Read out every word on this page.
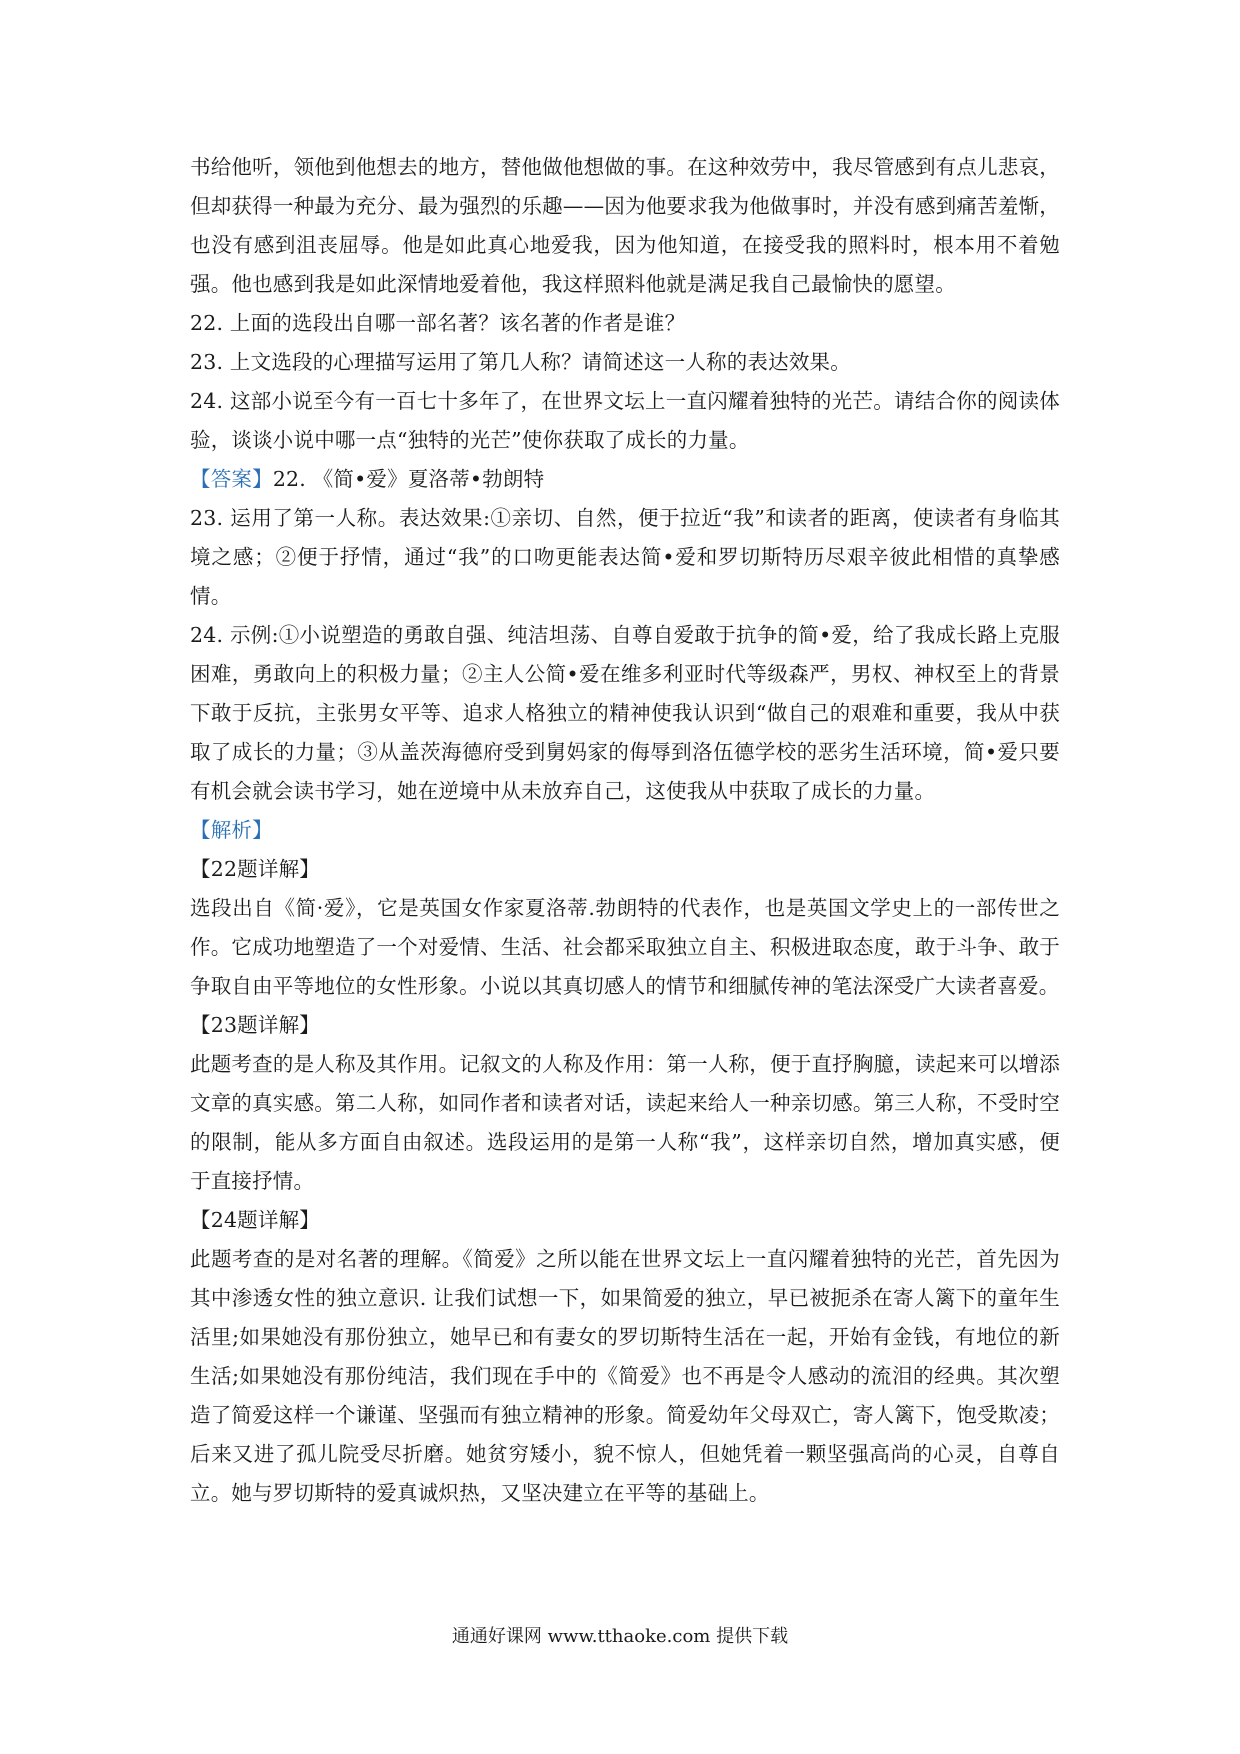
书给他听，领他到他想去的地方，替他做他想做的事。在这种效劳中，我尽管感到有点儿悲哀，但却获得一种最为充分、最为强烈的乐趣——因为他要求我为他做事时，并没有感到痛苦羞惭，也没有感到沮丧屈辱。他是如此真心地爱我，因为他知道，在接受我的照料时，根本用不着勉强。他也感到我是如此深情地爱着他，我这样照料他就是满足我自己最愉快的愿望。

22. 上面的选段出自哪一部名著？该名著的作者是谁？

23. 上文选段的心理描写运用了第几人称？请简述这一人称的表达效果。

24. 这部小说至今有一百七十多年了，在世界文坛上一直闪耀着独特的光芒。请结合你的阅读体验，谈谈小说中哪一点“独特的光芒”使你获取了成长的力量。

【答案】22. 《简•爱》夏洛蒂•勃朗特

23. 运用了第一人称。表达效果:①亲切、自然，便于拉近“我”和读者的距离，使读者有身临其境之感；②便于抒情，通过“我”的口吻更能表达简•爱和罗切斯特历尽艰辛彼此相惜的真挚感情。

24. 示例:①小说塑造的勇敢自强、纯洁坦荡、自尊自爱敢于抗争的简•爱，给了我成长路上克服困难，勇敢向上的积极力量；②主人公简•爱在维多利亚时代等级森严，男权、神权至上的背景下敢于反抗，主张男女平等、追求人格独立的精神使我认识到“做自己的艰难和重要，我从中获取了成长的力量；③从盖茨海德府受到舅妈家的侮辱到洛伍德学校的恶劣生活环境，简•爱只要有机会就会读书学习，她在逆境中从未放弃自己，这使我从中获取了成长的力量。

【解析】

【22题详解】

选段出自《简·爱》，它是英国女作家夏洛蒂.勃朗特的代表作，也是英国文学史上的一部传世之作。它成功地塑造了一个对爱情、生活、社会都采取独立自主、积极进取态度，敢于斗争、敢于争取自由平等地位的女性形象。小说以其真切感人的情节和细腻传神的笔法深受广大读者喜爱。

【23题详解】

此题考查的是人称及其作用。记叙文的人称及作用：第一人称，便于直抒胸臆，读起来可以增添文章的真实感。第二人称，如同作者和读者对话，读起来给人一种亲切感。第三人称，不受时空的限制，能从多方面自由叙述。选段运用的是第一人称“我”，这样亲切自然，增加真实感，便于直接抒情。

【24题详解】

此题考查的是对名著的理解。《简爱》之所以能在世界文坛上一直闪耀着独特的光芒，首先因为其中渗透女性的独立意识. 让我们试想一下，如果简爱的独立，早已被扼杀在寄人篱下的童年生活里;如果她没有那份独立，她早已和有妻女的罗切斯特生活在一起，开始有金钱，有地位的新生活;如果她没有那份纯洁，我们现在手中的《简爱》也不再是令人感动的流泪的经典。其次塑造了简爱这样一个谦谨、坚强而有独立精神的形象。简爱幼年父母双亡，寄人篱下，饱受欺凌；后来又进了孤儿院受尽折磨。她贫穷矮小，貌不惊人，但她凭着一颗坚强高尚的心灵，自尊自立。她与罗切斯特的爱真诚炽热，又坚决建立在平等的基础上。

通通好课网 www.tthaoke.com 提供下载
